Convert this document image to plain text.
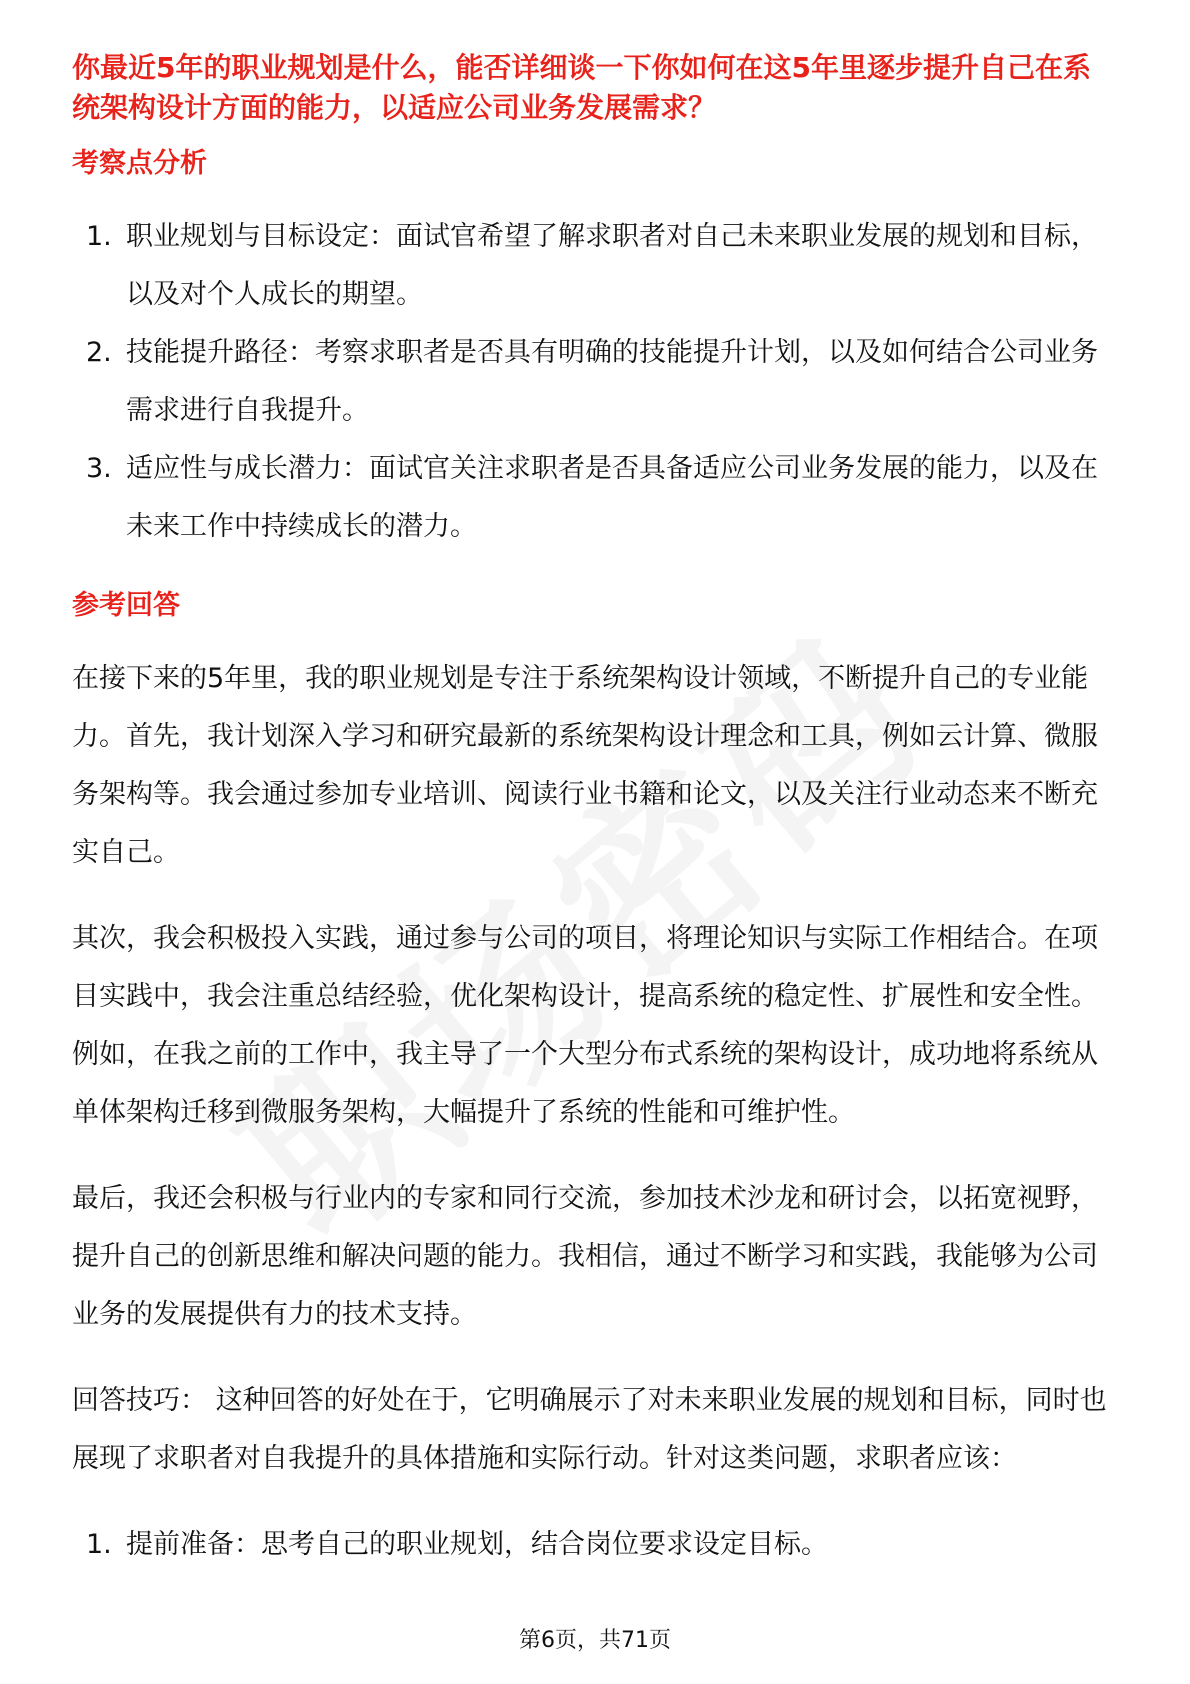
你最近5年的职业规划是什么，能否详细谈一下你如何在这5年里逐步提升自己在系统架构设计方面的能力，以适应公司业务发展需求？

考察点分析
1. 职业规划与目标设定：面试官希望了解求职者对自己未来职业发展的规划和目标，以及对个人成长的期望。
2. 技能提升路径：考察求职者是否具有明确的技能提升计划，以及如何结合公司业务需求进行自我提升。
3. 适应性与成长潜力：面试官关注求职者是否具备适应公司业务发展的能力，以及在未来工作中持续成长的潜力。
参考回答

在接下来的5年里，我的职业规划是专注于系统架构设计领域，不断提升自己的专业能力。首先，我计划深入学习和研究最新的系统架构设计理念和工具，例如云计算、微服务架构等。我会通过参加专业培训、阅读行业书籍和论文，以及关注行业动态来不断充实自己。

其次，我会积极投入实践，通过参与公司的项目，将理论知识与实际工作相结合。在项目实践中，我会注重总结经验，优化架构设计，提高系统的稳定性、扩展性和安全性。例如，在我之前的工作中，我主导了一个大型分布式系统的架构设计，成功地将系统从单体架构迁移到微服务架构，大幅提升了系统的性能和可维护性。

最后，我还会积极与行业内的专家和同行交流，参加技术沙龙和研讨会，以拓宽视野，提升自己的创新思维和解决问题的能力。我相信，通过不断学习和实践，我能够为公司业务的发展提供有力的技术支持。

回答技巧： 这种回答的好处在于，它明确展示了对未来职业发展的规划和目标，同时也展现了求职者对自我提升的具体措施和实际行动。针对这类问题，求职者应该：

1. 提前准备：思考自己的职业规划，结合岗位要求设定目标。
第6页，共71页
